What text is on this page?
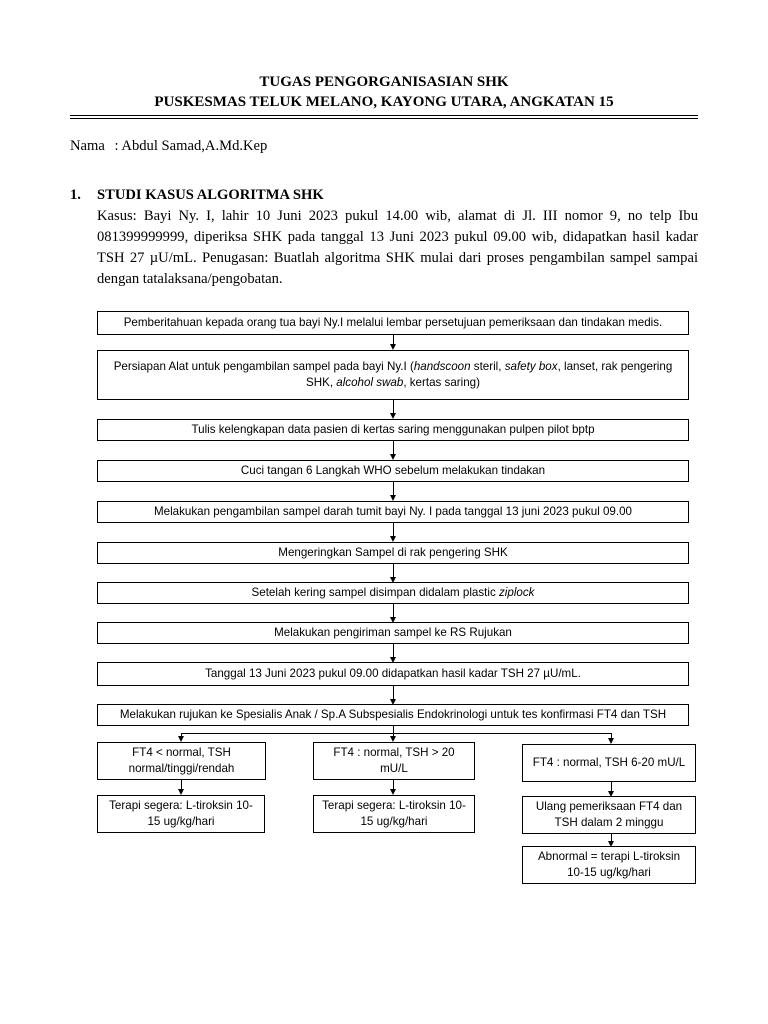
TUGAS PENGORGANISASIAN SHK
PUSKESMAS TELUK MELANO, KAYONG UTARA, ANGKATAN 15
Nama : Abdul Samad,A.Md.Kep
1. STUDI KASUS ALGORITMA SHK
Kasus: Bayi Ny. I, lahir 10 Juni 2023 pukul 14.00 wib, alamat di Jl. III nomor 9, no telp Ibu 081399999999, diperiksa SHK pada tanggal 13 Juni 2023 pukul 09.00 wib, didapatkan hasil kadar TSH 27 µU/mL. Penugasan: Buatlah algoritma SHK mulai dari proses pengambilan sampel sampai dengan tatalaksana/pengobatan.
Pemberitahuan kepada orang tua bayi Ny.I melalui lembar persetujuan pemeriksaan dan tindakan medis.
Persiapan Alat untuk pengambilan sampel pada bayi Ny.I (handscoon steril, safety box, lanset, rak pengering SHK, alcohol swab, kertas saring)
Tulis kelengkapan data pasien di kertas saring menggunakan pulpen pilot bptp
Cuci tangan 6 Langkah WHO sebelum melakukan tindakan
Melakukan pengambilan sampel darah tumit bayi Ny. I pada tanggal 13 juni 2023 pukul 09.00
Mengeringkan Sampel di rak pengering SHK
Setelah kering sampel disimpan didalam plastic ziplock
Melakukan pengiriman sampel ke RS Rujukan
Tanggal 13 Juni 2023 pukul 09.00 didapatkan hasil kadar TSH 27 µU/mL.
Melakukan rujukan ke Spesialis Anak / Sp.A Subspesialis Endokrinologi untuk tes konfirmasi FT4 dan TSH
FT4 < normal, TSH normal/tinggi/rendah
FT4 : normal, TSH > 20 mU/L	FT4 : normal, TSH 6-20 mU/L
Terapi segera: L-tiroksin 10-15 ug/kg/hari
Terapi segera: L-tiroksin 10-15 ug/kg/hari
Ulang pemeriksaan FT4 dan TSH dalam 2 minggu
Abnormal = terapi L-tiroksin 10-15 ug/kg/hari
